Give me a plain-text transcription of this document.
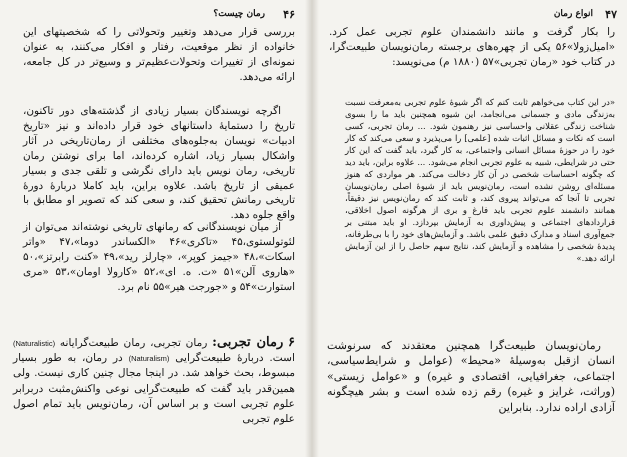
۴۶
رمان چیست؟
بررسی قرار می‌دهد وتغییر وتحولاتی را که شخصیتهای این خانواده از نظر موقعیت، رفتار و افکار می‌کنند، به عنوان نمونه‌ای از تغییرات وتحولات‌عظیم‌تر و وسیع‌تر در کل جامعه، ارائه می‌دهد.
اگرچه نویسندگان بسیار زیادی از گذشته‌های دور تاکنون، تاریخ را دستمایهٔ داستانهای خود قرار داده‌اند و نیز «تاریخ ادبیات» نویسان به‌جلوه‌های مختلفی از رمان‌تاریخی در آثار واشکال بسیار زیاد، اشاره کرده‌اند، اما برای نوشتن رمان تاریخی، رمان نویس باید دارای نگرشی و تلقی جدی و بسیار عمیقی از تاریخ باشد. علاوه براین، باید کاملا دربارهٔ دورهٔ تاریخی رمانش تحقیق کند، و سعی کند که تصویر او مطابق با واقع جلوه دهد.
از میان نویسندگانی که رمانهای تاریخی نوشته‌اند می‌توان از لئو‌تولستوی،۴۵ «تاکری»۴۶ «الکساندر دوما»،۴۷ «واتر اسکات»،۴۸ «جیمز کوپر»، «چارلز رید»،۴۹ «کنت رابرتز»،۵۰ «هاروی آلن»۵۱ «ت. ه. ای»،۵۲ «کارولا اومان»،۵۳ «مری استوارت»۵۴ و «جورجت هیر»۵۵ نام برد.
۶ رمان تجربی: رمان تجربی، رمان طبیعت‌گرایانه (Naturalistic) است. دربارهٔ طبیعت‌گرایی (Naturalism) در رمان، به طور بسیار مبسوط، بحث خواهد شد. در اینجا مجال چنین کاری نیست. ولی همین‌قدر باید گفت که طبیعت‌گرایی نوعی واکنش‌مثبت دربرابر علوم تجربی است و بر اساس آن، رمان‌نویس باید تمام اصول علوم تجربی
۴۷
انواع رمان
را بکار گرفت و مانند دانشمندان علوم تجربی عمل کرد. «امیل‌زولا»۵۶ یکی از چهره‌های برجسته رمان‌نویسان طبیعت‌گرا، در کتاب خود «رمان تجربی»۵۷ (۱۸۸۰ م) می‌نویسد:
«در این کتاب می‌خواهم ثابت کنم که اگر شیوهٔ علوم تجربی به‌معرفت نسبت به‌زندگی مادی و جسمانی می‌انجامد، این شیوه همچنین باید ما را بسوی شناخت زندگی عقلانی واحساسی نیز رهنمون شود. ... رمان تجربی، کسی است که نکات و مسائل اثبات شده [علمی] را می‌پذیرد و سعی می‌کند که کار خود را در حوزهٔ مسائل انسانی واجتماعی، به کار گیرد، باید گفت که این کار حتی در شرایطی، شبیه به علوم تجربی انجام می‌شود. ... علاوه براین، باید دید که چگونه احساسات شخصی در آن کار دخالت می‌کند. هر مواردی که هنوز مسئله‌ای روشن نشده است، رمان‌نویس باید از شیوهٔ اصلی رمان‌نویسان تجربی تا آنجا که می‌تواند پیروی کند، و ثابت کند که رمان‌نویس نیز دقیقاً، همانند دانشمند علوم تجربی باید فارغ و بری از هرگونه اصول اخلاقی، قراردادهای اجتماعی و پیش‌داوری به آزمایش بپردازد. او باید مبتنی بر جمع‌آوری اسناد و مدارک دقیق علمی باشد. و آزمایش‌های خود را با بی‌طرفانه، پدیدهٔ شخصی را مشاهده و آزمایش کند، نتایج سهم حاصل را از این آزمایش ارائه دهد.»
رمان‌نویسان طبیعت‌گرا همچنین معتقدند که سرنوشت انسان ازقبل به‌وسیلهٔ «محیط» (عوامل و شرایط‌سیاسی، اجتماعی، جغرافیایی، اقتصادی و غیره) و «عوامل زیستی» (وراثت، غرایز و غیره) رقم زده شده است و بشر هیچگونه آزادی اراده ندارد. بنابراین
